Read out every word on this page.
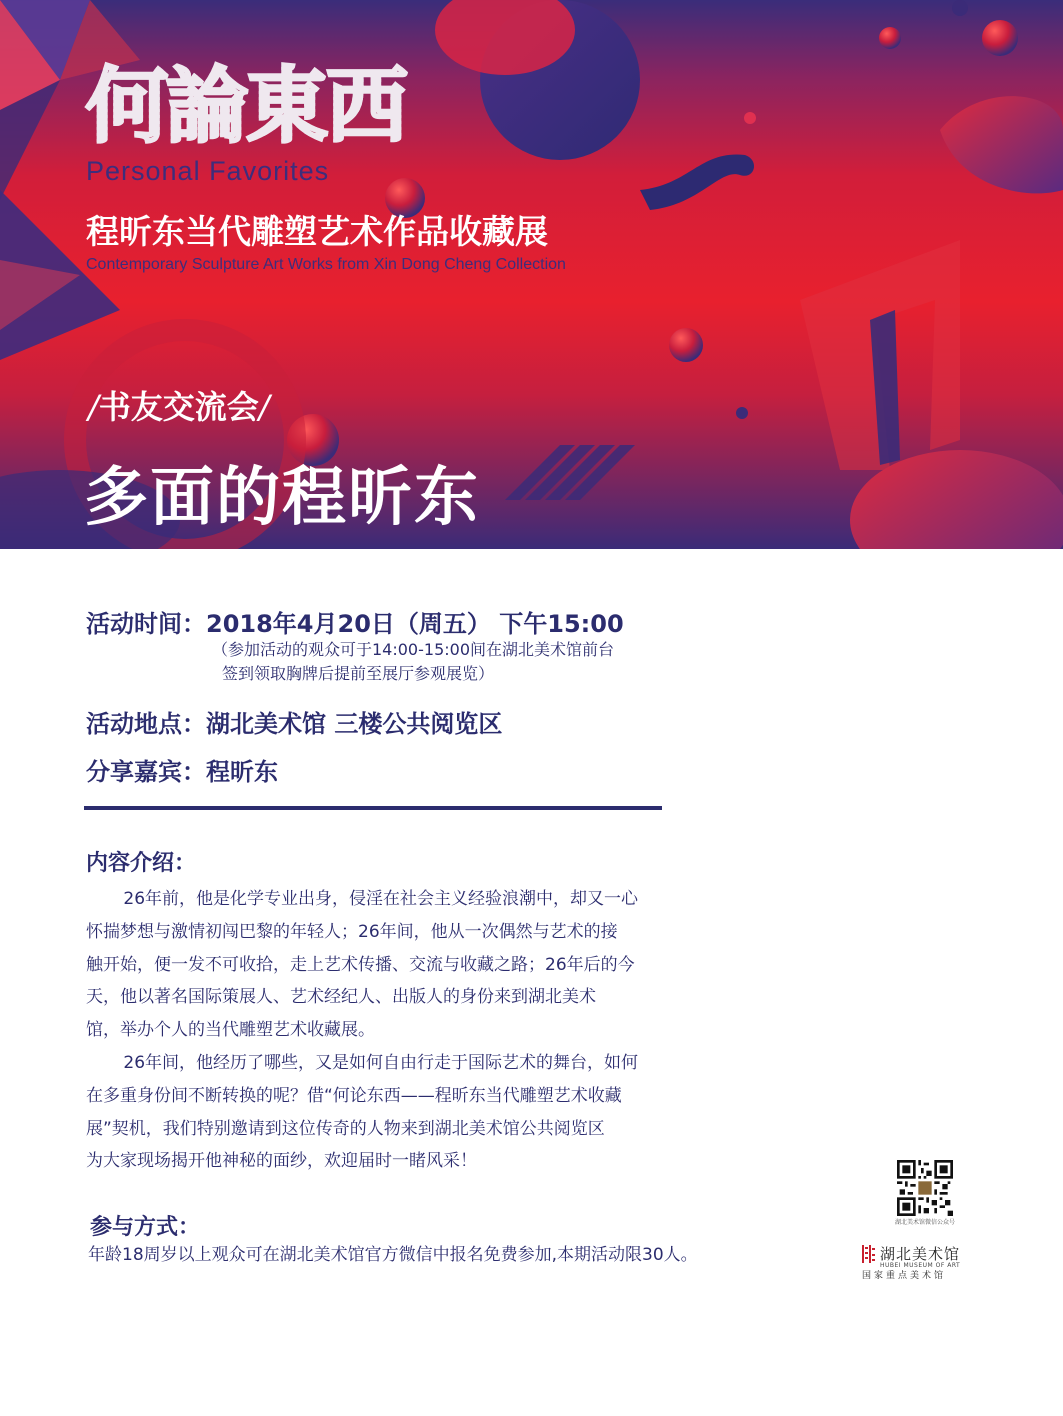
何論東西
Personal Favorites
程昕东当代雕塑艺术作品收藏展
Contemporary Sculpture Art Works from Xin Dong Cheng Collection
/书友交流会/
多面的程昕东
活动时间：2018年4月20日（周五） 下午15:00
（参加活动的观众可于14:00-15:00间在湖北美术馆前台
签到领取胸牌后提前至展厅参观展览）
活动地点：湖北美术馆 三楼公共阅览区
分享嘉宾：程昕东
内容介绍：
26年前，他是化学专业出身，侵淫在社会主义经验浪潮中，却又一心
怀揣梦想与激情初闯巴黎的年轻人；26年间，他从一次偶然与艺术的接
触开始，便一发不可收拾，走上艺术传播、交流与收藏之路；26年后的今
天，他以著名国际策展人、艺术经纪人、出版人的身份来到湖北美术
馆，举办个人的当代雕塑艺术收藏展。
26年间，他经历了哪些，又是如何自由行走于国际艺术的舞台，如何
在多重身份间不断转换的呢？借“何论东西——程昕东当代雕塑艺术收藏
展”契机，我们特别邀请到这位传奇的人物来到湖北美术馆公共阅览区
为大家现场揭开他神秘的面纱，欢迎届时一睹风采！
参与方式：
年龄18周岁以上观众可在湖北美术馆官方微信中报名免费参加,本期活动限30人。
湖北美术馆微信公众号
湖北美术馆
HUBEI MUSEUM OF ART
国家重点美术馆
